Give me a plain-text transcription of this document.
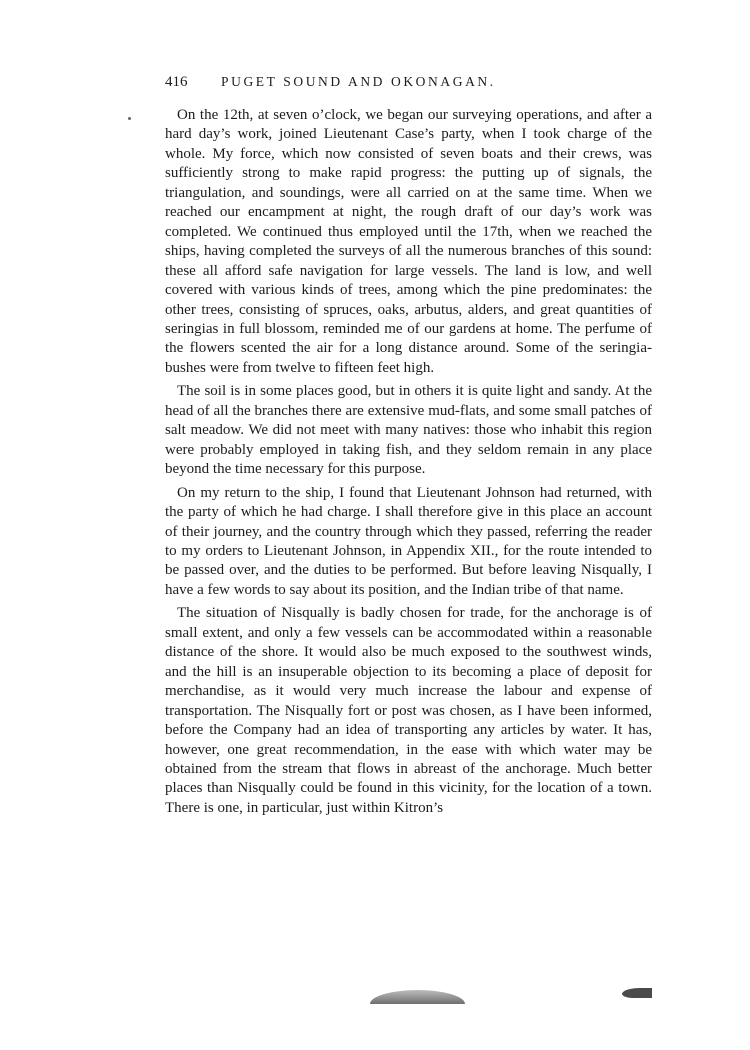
416	PUGET SOUND AND OKONAGAN.

On the 12th, at seven o’clock, we began our surveying operations, and after a hard day’s work, joined Lieutenant Case’s party, when I took charge of the whole. My force, which now consisted of seven boats and their crews, was sufficiently strong to make rapid progress: the putting up of signals, the triangulation, and soundings, were all carried on at the same time. When we reached our encampment at night, the rough draft of our day’s work was completed. We continued thus employed until the 17th, when we reached the ships, having completed the surveys of all the numerous branches of this sound: these all afford safe navigation for large vessels. The land is low, and well covered with various kinds of trees, among which the pine predominates: the other trees, consisting of spruces, oaks, arbutus, alders, and great quantities of seringias in full blossom, reminded me of our gardens at home. The perfume of the flowers scented the air for a long distance around. Some of the seringia-bushes were from twelve to fifteen feet high.

The soil is in some places good, but in others it is quite light and sandy. At the head of all the branches there are extensive mud-flats, and some small patches of salt meadow. We did not meet with many natives: those who inhabit this region were probably employed in taking fish, and they seldom remain in any place beyond the time necessary for this purpose.

On my return to the ship, I found that Lieutenant Johnson had returned, with the party of which he had charge. I shall therefore give in this place an account of their journey, and the country through which they passed, referring the reader to my orders to Lieutenant Johnson, in Appendix XII., for the route intended to be passed over, and the duties to be performed. But before leaving Nisqually, I have a few words to say about its position, and the Indian tribe of that name.

The situation of Nisqually is badly chosen for trade, for the anchorage is of small extent, and only a few vessels can be accommodated within a reasonable distance of the shore. It would also be much exposed to the southwest winds, and the hill is an insuperable objection to its becoming a place of deposit for merchandise, as it would very much increase the labour and expense of transportation. The Nisqually fort or post was chosen, as I have been informed, before the Company had an idea of transporting any articles by water. It has, however, one great recommendation, in the ease with which water may be obtained from the stream that flows in abreast of the anchorage. Much better places than Nisqually could be found in this vicinity, for the location of a town. There is one, in particular, just within Kitron’s
